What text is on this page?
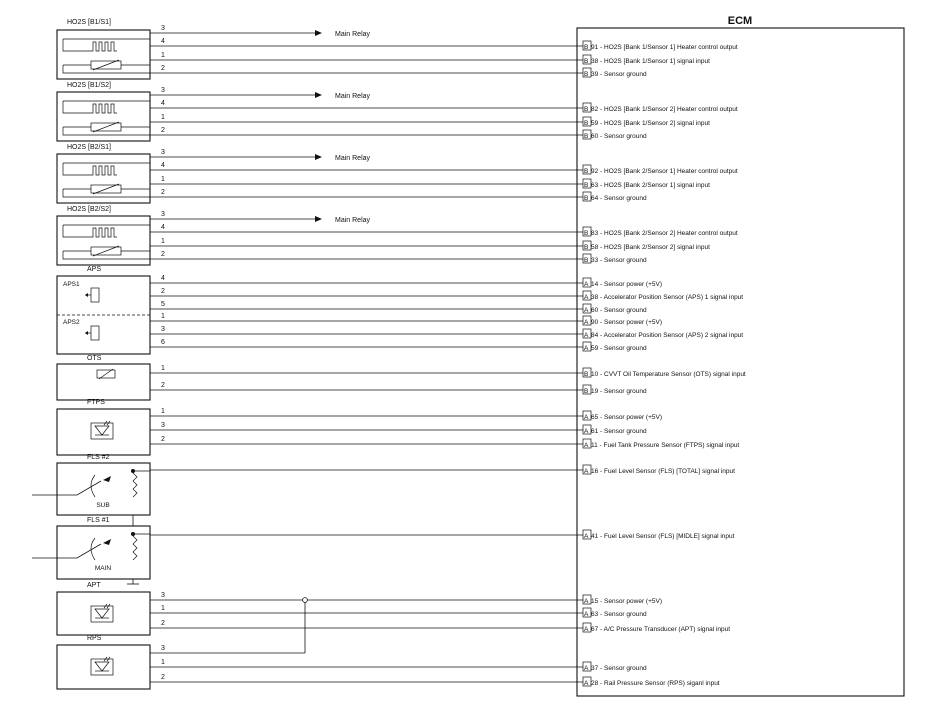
ECM
HO2S [B1/S1]
HO2S [B1/S2]
HO2S [B2/S1]
HO2S [B2/S2]
APS
APS1
APS2
OTS
FTPS
FLS #2
SUB
FLS #1
MAIN
APT
RPS
3
Main Relay
4
1
2
3
Main Relay
4
1
2
3
Main Relay
4
1
2
3
Main Relay
4
1
2
4
2
5
1
3
6
1
2
1
3
2
3
1
2
3
1
2
B 91 - HO2S [Bank 1/Sensor 1] Heater control output
B 38 - HO2S [Bank 1/Sensor 1] signal input
B 39 - Sensor ground
B 82 - HO2S [Bank 1/Sensor 2] Heater control output
B 59 - HO2S [Bank 1/Sensor 2] signal input
B 60 - Sensor ground
B 92 - HO2S [Bank 2/Sensor 1] Heater control output
B 63 - HO2S [Bank 2/Sensor 1] signal input
B 64 - Sensor ground
B 83 - HO2S [Bank 2/Sensor 2] Heater control output
B 58 - HO2S [Bank 2/Sensor 2] signal input
B 33 - Sensor ground
A 14 - Sensor power (+5V)
A 38 - Accelerator Position Sensor (APS) 1 signal input
A 60 - Sensor ground
A 90 - Sensor power (+5V)
A 84 - Accelerator Position Sensor (APS) 2 signal input
A 59 - Sensor ground
B 10 - CVVT Oil Temperature Sensor (OTS) signal input
B 19 - Sensor ground
A 65 - Sensor power (+5V)
A 61 - Sensor ground
A 11 - Fuel Tank Pressure Sensor (FTPS) signal input
A 16 - Fuel Level Sensor (FLS) [TOTAL] signal input
A 41 - Fuel Level Sensor (FLS) [MIDLE] signal input
A 15 - Sensor power (+5V)
A 63 - Sensor ground
A 67 - A/C Pressure Transducer (APT) signal input
A 37 - Sensor ground
A 28 - Rail Pressure Sensor (RPS) siganl input
